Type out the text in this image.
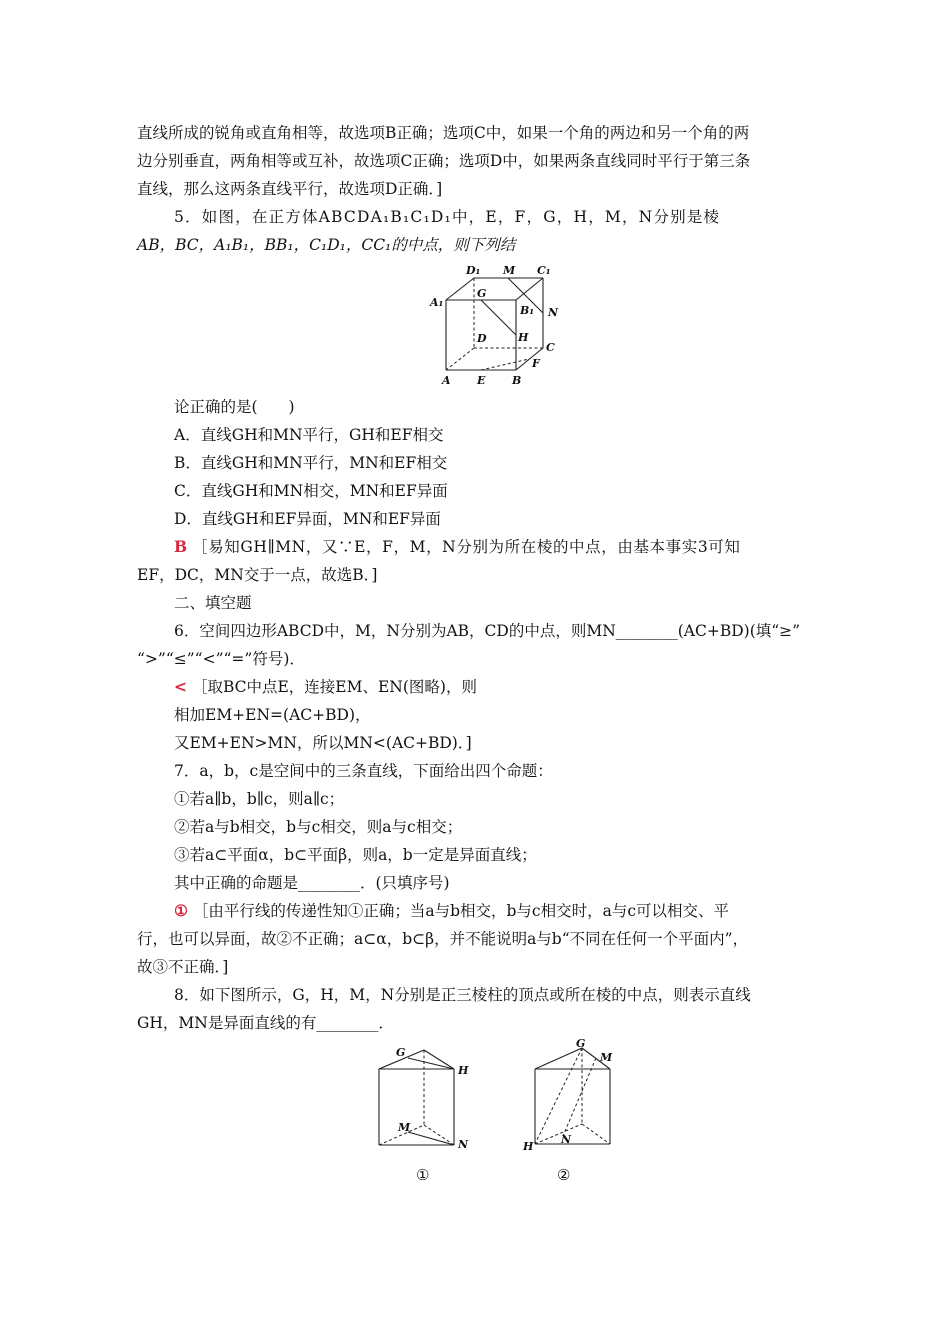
直线所成的锐角或直角相等，故选项B正确；选项C中，如果一个角的两边和另一个角的两
边分别垂直，两角相等或互补，故选项C正确；选项D中，如果两条直线同时平行于第三条
直线，那么这两条直线平行，故选项D正确．]
5．如图，在正方体ABCDA₁B₁C₁D₁中，E，F，G，H，M，N分别是棱
AB，BC，A₁B₁，BB₁，C₁D₁，CC₁的中点，则下列结
D₁ M C₁
A₁
G
B₁ N
D	H
C
F
A E B
论正确的是(　　)
A．直线GH和MN平行，GH和EF相交
B．直线GH和MN平行，MN和EF相交
C．直线GH和MN相交，MN和EF异面
D．直线GH和EF异面，MN和EF异面
B ［易知GH∥MN，又∵E，F，M，N分别为所在棱的中点，由基本事实3可知
EF，DC，MN交于一点，故选B．]
二、填空题
6．空间四边形ABCD中，M，N分别为AB，CD的中点，则MN________(AC+BD)(填“≥”
“>”“≤”“<”“=”符号)．
< ［取BC中点E，连接EM、EN(图略)，则
相加EM+EN=(AC+BD)，
又EM+EN>MN，所以MN<(AC+BD)．]
7．a，b，c是空间中的三条直线，下面给出四个命题：
①若a∥b，b∥c，则a∥c；
②若a与b相交，b与c相交，则a与c相交；
③若a⊂平面α，b⊂平面β，则a，b一定是异面直线；
其中正确的命题是________．(只填序号)
① ［由平行线的传递性知①正确；当a与b相交，b与c相交时，a与c可以相交、平
行，也可以异面，故②不正确；a⊂α，b⊂β，并不能说明a与b“不同在任何一个平面内”，
故③不正确．]
8．如下图所示，G，H，M，N分别是正三棱柱的顶点或所在棱的中点，则表示直线
GH，MN是异面直线的有________．
G
H
M
N
①
G
M
H
N
②
